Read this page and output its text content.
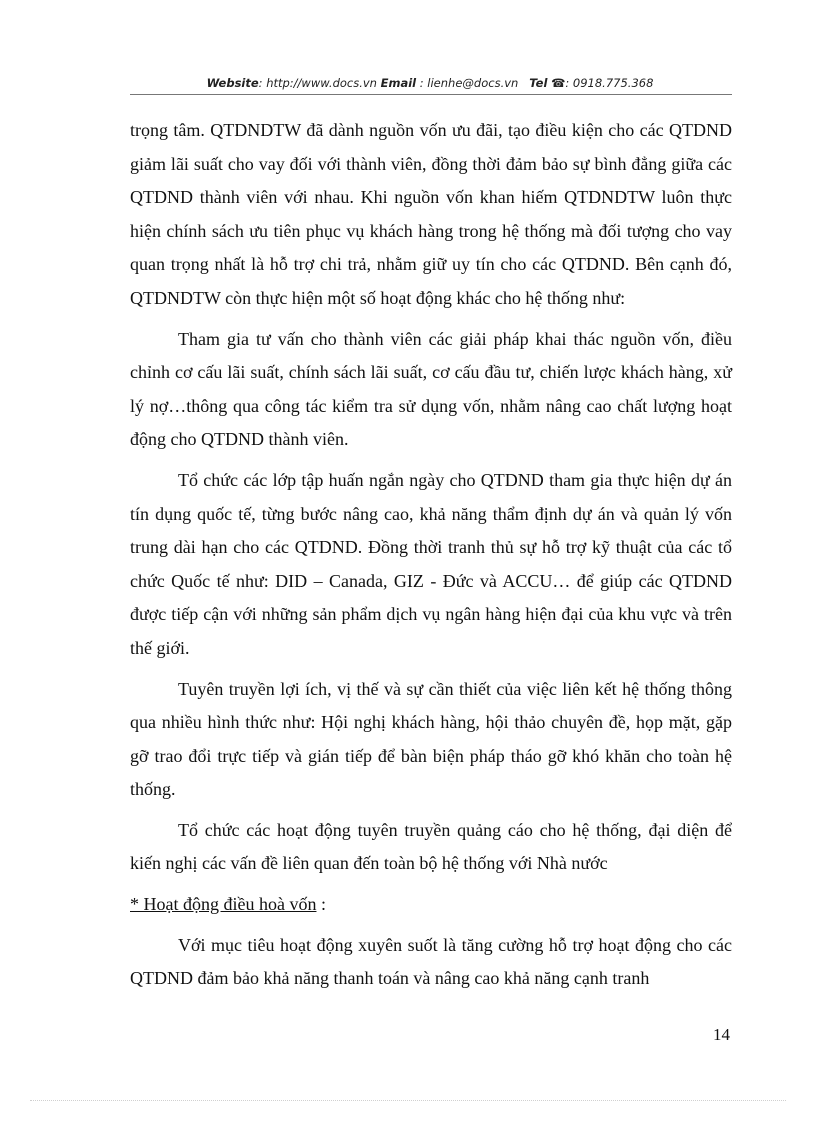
Website: http://www.docs.vn Email : lienhe@docs.vn Tel ☎: 0918.775.368

trọng tâm. QTDNDTW đã dành nguồn vốn ưu đãi, tạo điều kiện cho các QTDND giảm lãi suất cho vay đối với thành viên, đồng thời đảm bảo sự bình đẳng giữa các QTDND thành viên với nhau. Khi nguồn vốn khan hiếm QTDNDTW luôn thực hiện chính sách ưu tiên phục vụ khách hàng trong hệ thống mà đối tượng cho vay quan trọng nhất là hỗ trợ chi trả, nhằm giữ uy tín cho các QTDND. Bên cạnh đó, QTDNDTW còn thực hiện một số hoạt động khác cho hệ thống như:

Tham gia tư vấn cho thành viên các giải pháp khai thác nguồn vốn, điều chỉnh cơ cấu lãi suất, chính sách lãi suất, cơ cấu đầu tư, chiến lược khách hàng, xử lý nợ…thông qua công tác kiểm tra sử dụng vốn, nhằm nâng cao chất lượng hoạt động cho QTDND thành viên.

Tổ chức các lớp tập huấn ngắn ngày cho QTDND tham gia thực hiện dự án tín dụng quốc tế, từng bước nâng cao, khả năng thẩm định dự án và quản lý vốn trung dài hạn cho các QTDND. Đồng thời tranh thủ sự hỗ trợ kỹ thuật của các tổ chức Quốc tế như: DID – Canada, GIZ - Đức và ACCU… để giúp các QTDND được tiếp cận với những sản phẩm dịch vụ ngân hàng hiện đại của khu vực và trên thế giới.

Tuyên truyền lợi ích, vị thế và sự cần thiết của việc liên kết hệ thống thông qua nhiều hình thức như: Hội nghị khách hàng, hội thảo chuyên đề, họp mặt, gặp gỡ trao đổi trực tiếp và gián tiếp để bàn biện pháp tháo gỡ khó khăn cho toàn hệ thống.

Tổ chức các hoạt động tuyên truyền quảng cáo cho hệ thống, đại diện để kiến nghị các vấn đề liên quan đến toàn bộ hệ thống với Nhà nước

* Hoạt động điều hoà vốn :

Với mục tiêu hoạt động xuyên suốt là tăng cường hỗ trợ hoạt động cho các QTDND đảm bảo khả năng thanh toán và nâng cao khả năng cạnh tranh

14
